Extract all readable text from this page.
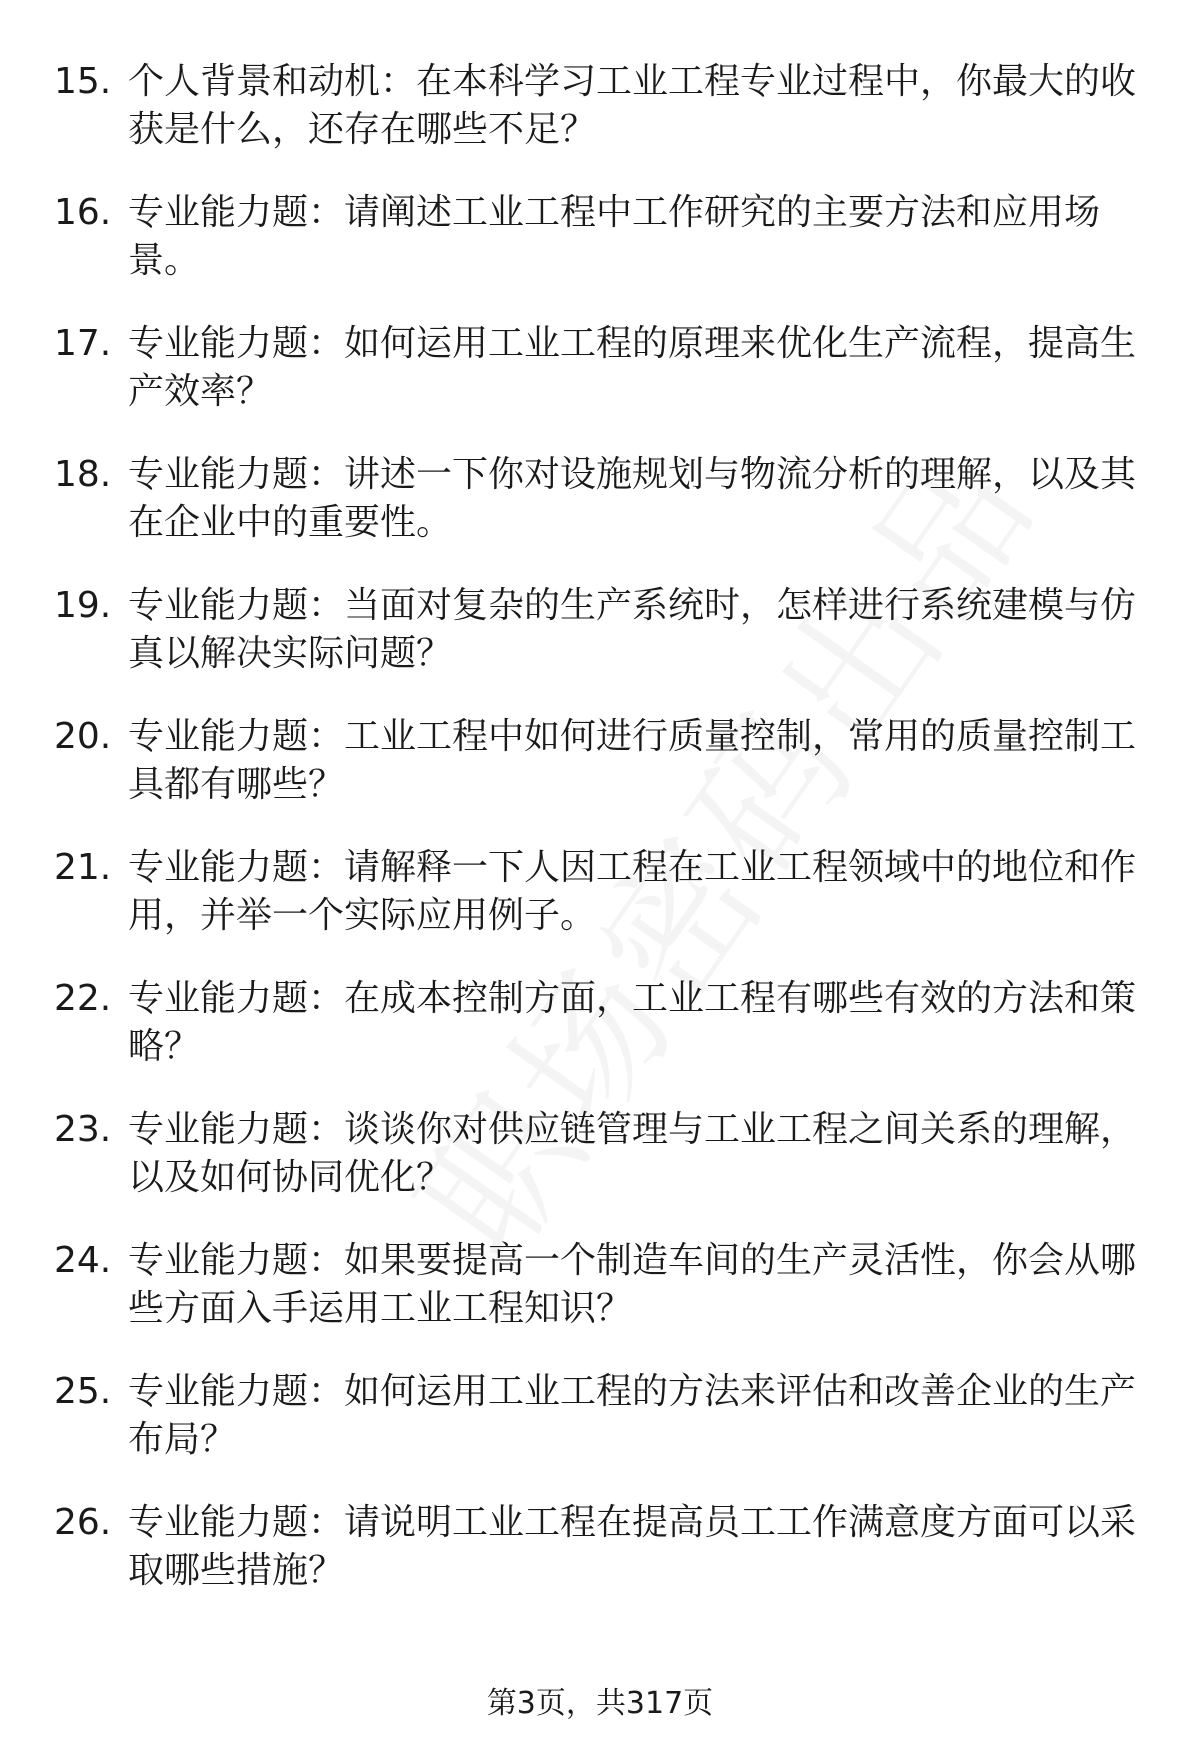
15. 个人背景和动机：在本科学习工业工程专业过程中，你最大的收获是什么，还存在哪些不足？
16. 专业能力题：请阐述工业工程中工作研究的主要方法和应用场景。
17. 专业能力题：如何运用工业工程的原理来优化生产流程，提高生产效率？
18. 专业能力题：讲述一下你对设施规划与物流分析的理解，以及其在企业中的重要性。
19. 专业能力题：当面对复杂的生产系统时，怎样进行系统建模与仿真以解决实际问题？
20. 专业能力题：工业工程中如何进行质量控制，常用的质量控制工具都有哪些？
21. 专业能力题：请解释一下人因工程在工业工程领域中的地位和作用，并举一个实际应用例子。
22. 专业能力题：在成本控制方面，工业工程有哪些有效的方法和策略？
23. 专业能力题：谈谈你对供应链管理与工业工程之间关系的理解，以及如何协同优化？
24. 专业能力题：如果要提高一个制造车间的生产灵活性，你会从哪些方面入手运用工业工程知识？
25. 专业能力题：如何运用工业工程的方法来评估和改善企业的生产布局？
26. 专业能力题：请说明工业工程在提高员工工作满意度方面可以采取哪些措施？
第3页，共317页
